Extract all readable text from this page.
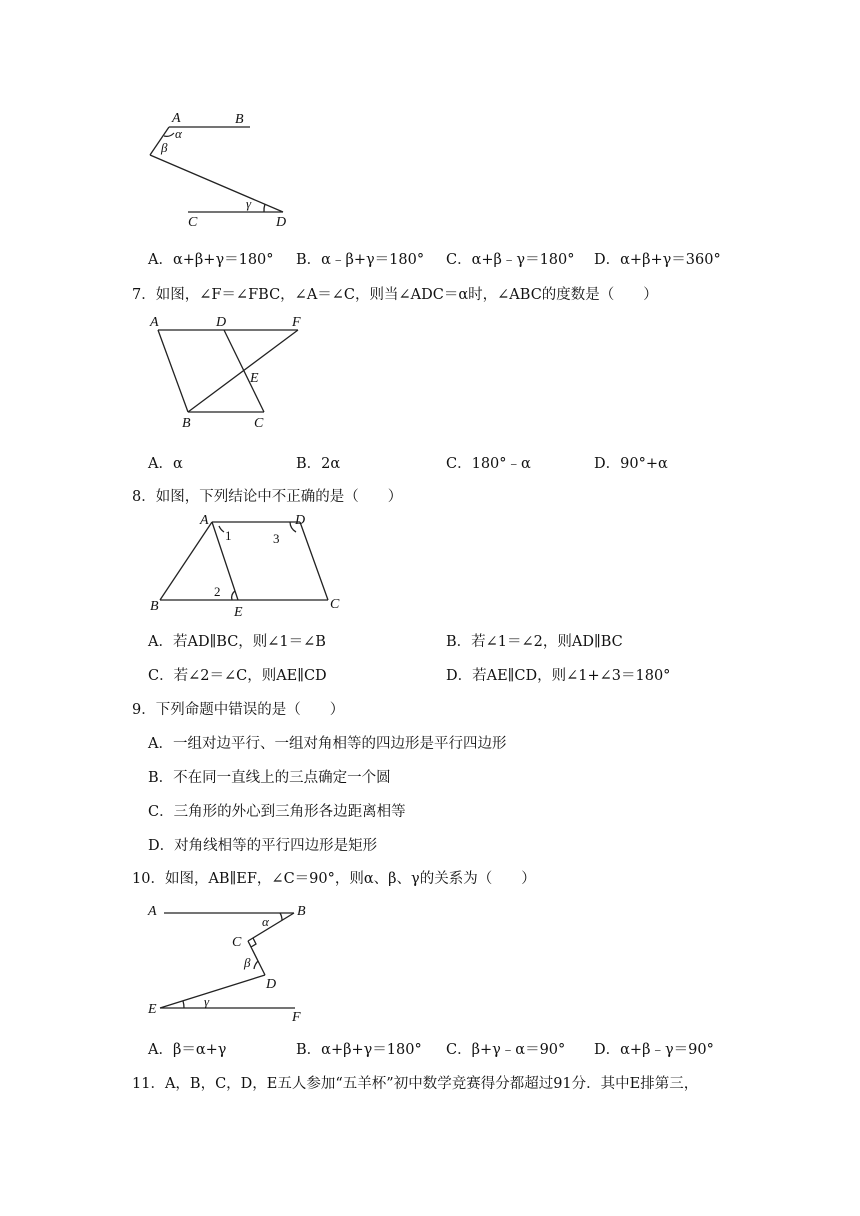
A	B
α
β
γ
C	D
A．α+β+γ＝180° B．α﹣β+γ＝180° C．α+β﹣γ＝180° D．α+β+γ＝360°
7．如图，∠F＝∠FBC，∠A＝∠C，则当∠ADC＝α时，∠ABC的度数是（　　）
A	D	F
E
B	C
A．α	B．2α	C．180°﹣α	D．90°+α
8．如图，下列结论中不正确的是（　　）
A	D
1	3
2
B	E
C
A．若AD∥BC，则∠1＝∠B	B．若∠1＝∠2，则AD∥BC
C．若∠2＝∠C，则AE∥CD	D．若AE∥CD，则∠1+∠3＝180°
9．下列命题中错误的是（　　）
A．一组对边平行、一组对角相等的四边形是平行四边形
B．不在同一直线上的三点确定一个圆
C．三角形的外心到三角形各边距离相等
D．对角线相等的平行四边形是矩形
10．如图，AB∥EF，∠C＝90°，则α、β、γ的关系为（　　）
A	B
α
C
β
D
γ
E
F
A．β＝α+γ	B．α+β+γ＝180° C．β+γ﹣α＝90° D．α+β﹣γ＝90°
11．A，B，C，D，E五人参加“五羊杯”初中数学竞赛得分都超过91分．其中E排第三，
